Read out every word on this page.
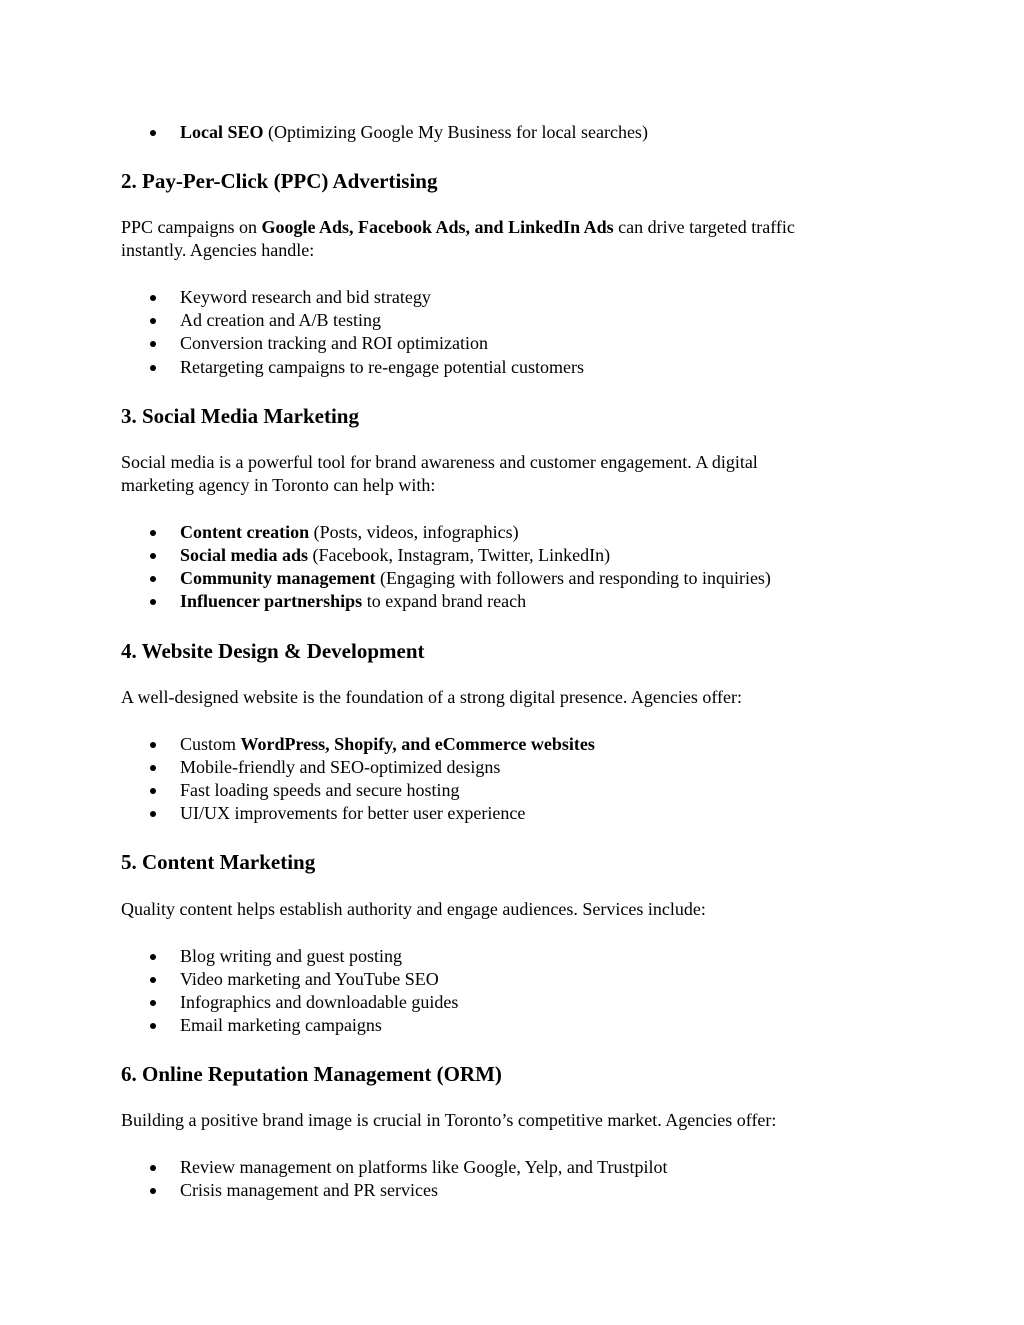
Local SEO (Optimizing Google My Business for local searches)
2. Pay-Per-Click (PPC) Advertising
PPC campaigns on Google Ads, Facebook Ads, and LinkedIn Ads can drive targeted traffic
instantly. Agencies handle:
Keyword research and bid strategy
Ad creation and A/B testing
Conversion tracking and ROI optimization
Retargeting campaigns to re-engage potential customers
3. Social Media Marketing
Social media is a powerful tool for brand awareness and customer engagement. A digital
marketing agency in Toronto can help with:
Content creation (Posts, videos, infographics)
Social media ads (Facebook, Instagram, Twitter, LinkedIn)
Community management (Engaging with followers and responding to inquiries)
Influencer partnerships to expand brand reach
4. Website Design & Development
A well-designed website is the foundation of a strong digital presence. Agencies offer:
Custom WordPress, Shopify, and eCommerce websites
Mobile-friendly and SEO-optimized designs
Fast loading speeds and secure hosting
UI/UX improvements for better user experience
5. Content Marketing
Quality content helps establish authority and engage audiences. Services include:
Blog writing and guest posting
Video marketing and YouTube SEO
Infographics and downloadable guides
Email marketing campaigns
6. Online Reputation Management (ORM)
Building a positive brand image is crucial in Toronto’s competitive market. Agencies offer:
Review management on platforms like Google, Yelp, and Trustpilot
Crisis management and PR services
